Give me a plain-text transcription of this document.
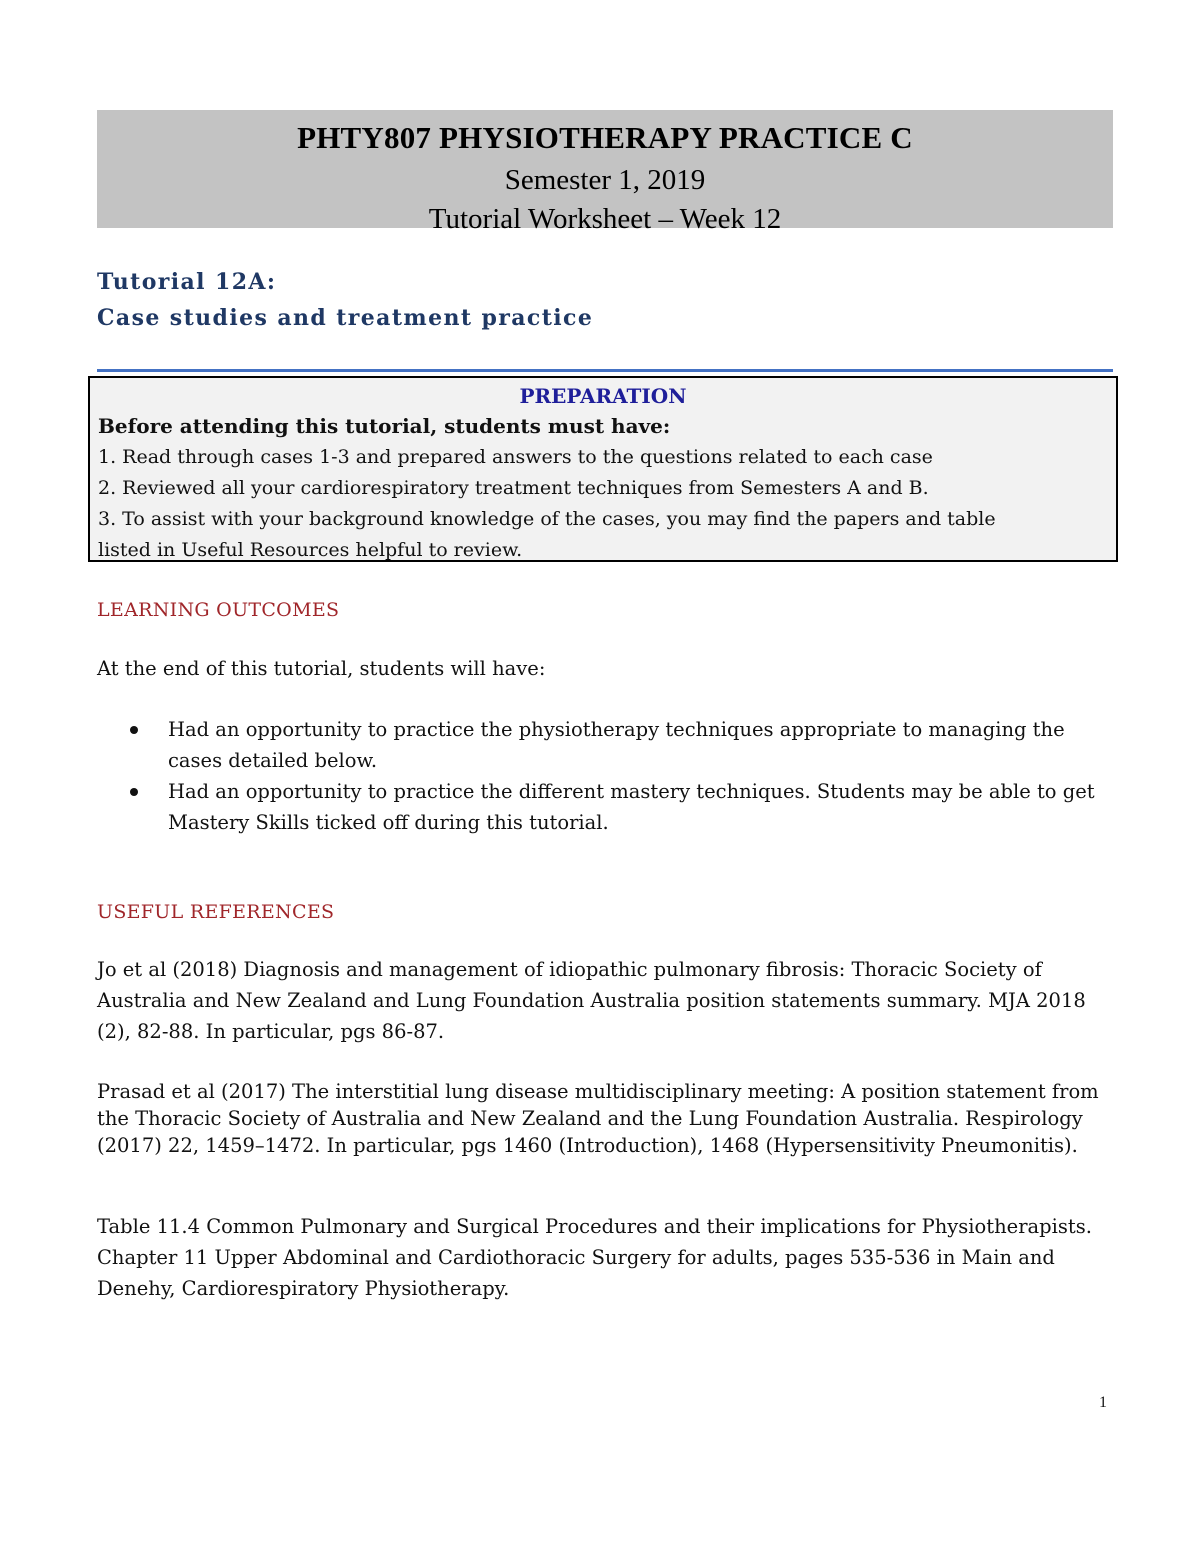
PHTY807 PHYSIOTHERAPY PRACTICE C
Semester 1, 2019
Tutorial Worksheet – Week 12
Tutorial 12A:
Case studies and treatment practice
PREPARATION
Before attending this tutorial, students must have:
1. Read through cases 1-3 and prepared answers to the questions related to each case
2. Reviewed all your cardiorespiratory treatment techniques from Semesters A and B.
3. To assist with your background knowledge of the cases, you may find the papers and table
listed in Useful Resources helpful to review.
LEARNING OUTCOMES

At the end of this tutorial, students will have:

Had an opportunity to practice the physiotherapy techniques appropriate to managing the cases detailed below.
Had an opportunity to practice the different mastery techniques. Students may be able to get Mastery Skills ticked off during this tutorial.
USEFUL REFERENCES

Jo et al (2018) Diagnosis and management of idiopathic pulmonary fibrosis: Thoracic Society of Australia and New Zealand and Lung Foundation Australia position statements summary. MJA 2018 (2), 82-88. In particular, pgs 86-87.

Prasad et al (2017) The interstitial lung disease multidisciplinary meeting: A position statement from the Thoracic Society of Australia and New Zealand and the Lung Foundation Australia. Respirology (2017) 22, 1459–1472. In particular, pgs 1460 (Introduction), 1468 (Hypersensitivity Pneumonitis).

Table 11.4 Common Pulmonary and Surgical Procedures and their implications for Physiotherapists. Chapter 11 Upper Abdominal and Cardiothoracic Surgery for adults, pages 535-536 in Main and Denehy, Cardiorespiratory Physiotherapy.

1
